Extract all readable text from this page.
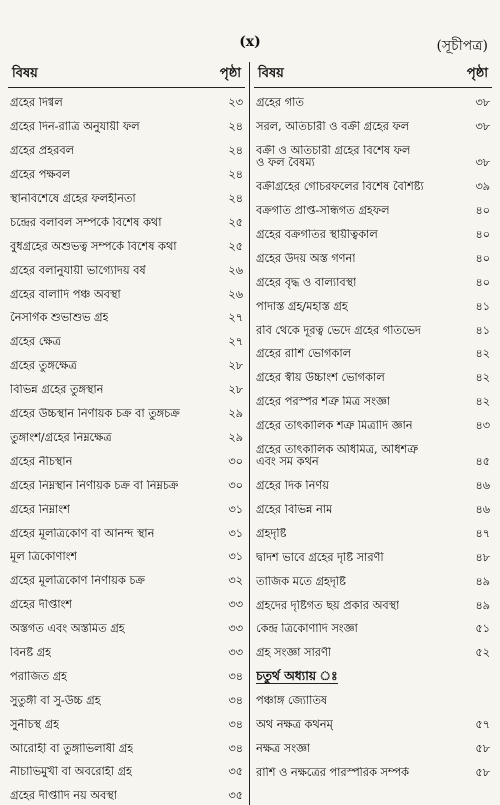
(x)	(সূচীপত্র)
বিষয়	পৃষ্ঠা
গ্রহের দিগ্বল	২৩
গ্রহের দিন-রাত্রি অনুযায়ী ফল	২৪
গ্রহের প্রহরবল	২৪
গ্রহের পক্ষবল	২৪
স্থানবিশেষে গ্রহের ফলহীনতা	২৪
চন্দ্রের বলাবল সম্পর্কে বিশেষ কথা	২৫
বুধগ্রহের অশুভত্ব সম্পর্কে বিশেষ কথা	২৫
গ্রহের বলানুযায়ী ভাগ্যোদয় বর্ষ	২৬
গ্রহের বালাদি পঞ্চ অবস্থা	২৬
নৈসর্গিক শুভাশুভ গ্রহ	২৭
গ্রহের ক্ষেত্র	২৭
গ্রহের তুঙ্গক্ষেত্র	২৮
বিভিন্ন গ্রহের তুঙ্গস্থান	২৮
গ্রহের উচ্চস্থান নির্ণায়ক চক্র বা তুঙ্গচক্র	২৯
তুঙ্গাংশ/গ্রহের নিম্নক্ষেত্র	২৯
গ্রহের নীচস্থান	৩০
গ্রহের নিম্নস্থান নির্ণায়ক চক্র বা নিম্নচক্র	৩০
গ্রহের নিম্নাংশ	৩১
গ্রহের মূলত্রিকোণ বা আনন্দ স্থান	৩১
মূল ত্রিকোণাংশ	৩১
গ্রহের মূলত্রিকোণ নির্ণায়ক চক্র	৩২
গ্রহের দীপ্তাংশ	৩৩
অস্তগত এবং অস্তমিত গ্রহ	৩৩
বিনষ্ট গ্রহ	৩৩
পরাজিত গ্রহ	৩৪
সুতুঙ্গী বা সু-উচ্চ গ্রহ	৩৪
সুনীচস্থ গ্রহ	৩৪
আরোহী বা তুঙ্গাভিলাষী গ্রহ	৩৪
নীচাভিমুখী বা অবরোহী গ্রহ	৩৫
গ্রহের দীপ্তাদি নয় অবস্থা	৩৫
বিষয়	পৃষ্ঠা
গ্রহের গতি	৩৮
সরল, অতিচারী ও বক্রী গ্রহের ফল	৩৮
বক্রী ও অতিচারী গ্রহের বিশেষ ফল
ও ফল বৈষম্য	৩৮
বক্রীগ্রহের গোচরফলের বিশেষ বৈশিষ্ট্য	৩৯
বক্রগতি প্রাপ্ত-সন্ধিগত গ্রহফল	৪০
গ্রহের বক্রগতির স্থায়ীত্বকাল	৪০
গ্রহের উদয় অস্ত গণনা	৪০
গ্রহের বৃদ্ধ ও বাল্যাবস্থা	৪০
পাদাস্ত গ্রহ/মহাস্ত গ্রহ	৪১
রবি থেকে দূরত্ব ভেদে গ্রহের গতিভেদ	৪১
গ্রহের রাশি ভোগকাল	৪২
গ্রহের স্বীয় উচ্চাংশ ভোগকাল	৪২
গ্রহের পরস্পর শত্রু মিত্র সংজ্ঞা	৪২
গ্রহের তাৎকালিক শত্রু মিত্রাদি জ্ঞান	৪৩
গ্রহের তাৎকালিক অধিমিত্র, অধিশত্রু
এবং সম কথন	৪৫
গ্রহের দিক নির্ণয়	৪৬
গ্রহের বিভিন্ন নাম	৪৬
গ্রহদৃষ্টি	৪৭
দ্বাদশ ভাবে গ্রহের দৃষ্টি সারণী	৪৮
তাজিক মতে গ্রহদৃষ্টি	৪৯
গ্রহদের দৃষ্টিগত ছয় প্রকার অবস্থা	৪৯
কেন্দ্র ত্রিকোণাদি সংজ্ঞা	৫১
গ্রহ সংজ্ঞা সারণী	৫২
চতুর্থ অধ্যায় ঃ
পঞ্চাঙ্গ জ্যোতিষ
অথ নক্ষত্র কথনম্	৫৭
নক্ষত্র সংজ্ঞা	৫৮
রাশি ও নক্ষত্রের পারস্পরিক সম্পর্ক	৫৮
